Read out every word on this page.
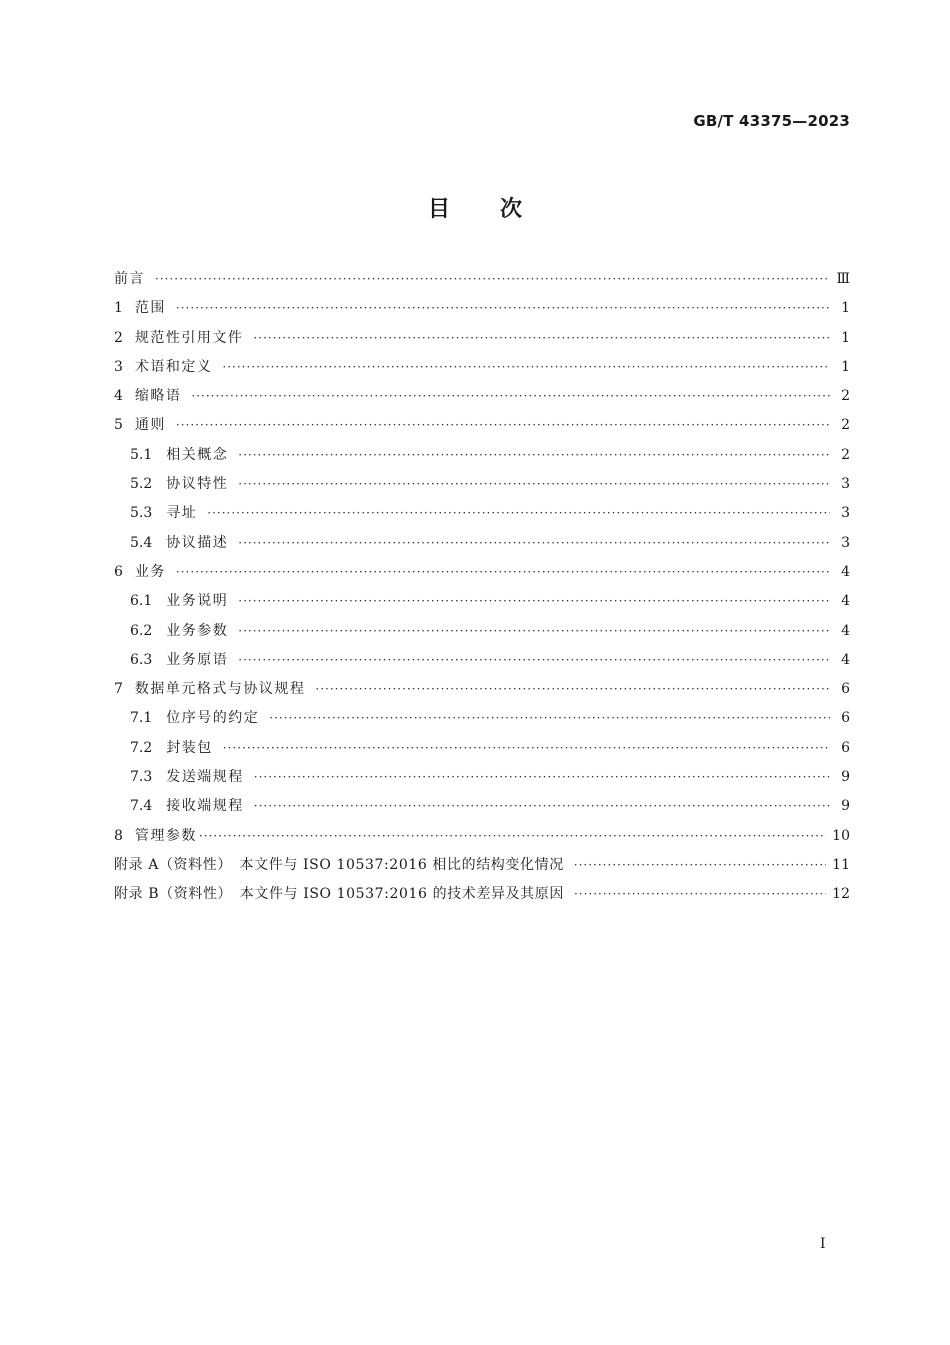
GB/T 43375—2023
目次
前言 ·····	Ⅲ
1 范围 ·····	1
2 规范性引用文件 ·····	1
3 术语和定义 ·····	1
4 缩略语 ·····	2
5 通则 ·····	2
5.1 相关概念 ·····	2
5.2 协议特性 ·····	3
5.3 寻址 ·····	3
5.4 协议描述 ·····	3
6 业务 ·····	4
6.1 业务说明 ·····	4
6.2 业务参数 ·····	4
6.3 业务原语 ·····	4
7 数据单元格式与协议规程 ·····	6
7.1 位序号的约定 ·····	6
7.2 封装包 ·····	6
7.3 发送端规程 ·····	9
7.4 接收端规程 ·····	9
8 管理参数 ·····	10
附录 A（资料性）　本文件与 ISO 10537:2016 相比的结构变化情况 ·····	11
附录 B（资料性）　本文件与 ISO 10537:2016 的技术差异及其原因 ·····	12
I
